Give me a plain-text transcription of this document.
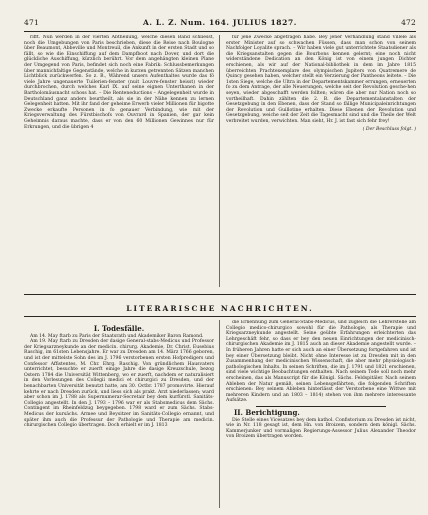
471	A. L. Z. Num. 164. JULIUS 1827.	472

rifft. Nun werden in der vierten Abtheilung, welche diesen Band schliesst, noch die Umgebungen von Paris beschrieben, diese die Reise nach Boulogne über Beaumont, Abbeville und Montreuil, die Ankunft in der ersten Stadt und so fällt, so wie die Einschiffung auf dem Dampfboot nach Dover, und dort die glückliche Auschiffung, kürzlich berührt. Vor dem angehängten kleinen Plane der Umgegend von Paris, befindet sich noch eine Fabrik: Schlussbemerkungen über mannichfaltige Gegenstände, welche in kurzen getrennten Sätzen manchen Lichtblick zurückwerfen. So z. B., Während unsers Aufenthaltes wurde das fö viele Jahre ungenauerte Tuilerien-fenster (nuit Louvre-fenster heisst) wieder durchbrochen, durch welches Karl IX. auf seine eignen Unterthanen in der Bartholomäusnacht schoss hat. – Die Renteneductions – Angelegenheit wurde in Deutschland ganz anders beurtheilt, als sie in der Nähe kennen zu lernen Gelegenheit hatten. Mit ihr fand der geheime Erwerb vieler Millionen für bigotte Zwecke erkaufte Personen in fo genauer Verbindung, wie mit der Kriegsverwaltung des Fürstbischofs von Ouvrard in Spanien, der gar kein Geheimnis daraus machte, dass er von den 60 Millionen Gewinnes nur für Erkrungen, und die übrigen 4

für jene Zwecke abgetragen habe. Bey jener Verhandlung stand Villele als erster Minister auf so schwachen Füssen, dass man schon von seinem Nachfolger Loyalite sprach. – Wir haben viele gut unterrichtete Staatsdiener als die Kriegsanstalten gegen die Bourbons kennen gelernt; eine noch nicht widerständene Dedication an den König ist von einem jungen Dichter erschienen, als wir auf der National-bibliothek in dem im Jahre 1815 überreichten Prachtexemplare des olympischen Jupiters von Quatremere de Quincy gesehen haben, welcher stellt ein Verzierung der Pantheons leitete. – Die 1sten Siege, welche die Ultra in der Departementskammer errungen, erneuerten fo zu dem Antrage, der alle Neuerungen, welche seit der Revolution gesche-hen seyen, wieder abgeschafft werden follten; wären die aber nur Nation noch so vortheilhaft. Dahin zählten die 2. B. die Departementalanstalten der Gesetzgebung in den Ebenen, dass der Stand so fällige Municipaleinrichtungen der Revolution und Guillotine erhalten. Diese Ebenen der Revolution und Gesetzgebung, weiche seit der Zeit die Tagesmacht sind und die Theile der Welt verbreitet wurden, verwichten. Man sieht, Hr. J. ist fast sich fehr frey!

( Der Beschluss folgt. )
LITERARISCHE NACHRICHTEN.
I. Todesfälle.

Am 14. May ftarb zu Paris der Staatsrath und Akademiker Baron Ramond.

Am 19. May ftarb zu Dresden der dasige General-stabs-Medicus und Professor der Kriegsarzneykunde an der medicin. chirurg. Akademie, Dr. Christ. Eusebius Raschig, im 61sten Lebensjahre. Er war zu Dresden am 14. März 1766 geboren, und ist der mittelste Sohn des im J. 1796 verstorbenen ersten Hofpredigers und Confessor Affistentes, M. Chr. Ehrg. Raschig. Von gründlichem Hausvaters unterrichtet, besuchte er zuerft einige Jahre die dasige Kreuzschule, bezog Ostern 1784 die Universität Wittenberg, wo er zuerft, nachdem er naturalisiert in den Vorlesungen des Collegii medici et chirurgici zu Dresden, und der benachbarten Universität benutzt hatte, am 30. Octbr. 1787 promovirte. Hierauf kehrte er nach Dresden zurück, und liess sich als prakt. Arzt niederlassen; ward aber schon im J. 1788 als Supernumerar-Secretair bey dem kurfürstl. Sanitäts-Collegio angestellt. In den J. 1793 – 1796 war er als Stabsmedicus dem Sächs. Contingent im Rheinfeldzug beygegeben. 1798 ward er zum Sächs. Stabs-Medicus der kursächs. Armee und Beysitzer im Sanitäts-Collegio ernannt, und später ihm auch die Professur der Pathologie und Therapie am medicin. chirurgischen Collegio übertragen. Doch erhielt er im J. 1813

die Ernennung zum General-Stabs-Medicus, und zugleich die Lehrerstelle am Collegio medico-chirurgico sowohl für die Pathologie, als Therapie und Kriegsarzneykunde angestellt. Seine geübte Erfahrungen erleichterten das Lehrgeschäft fehr, so dass er bey den neuen Einrichtungen der medicinisch-chirurgischen Akademie im J. 1815 auch an dieser Akademie angestellt wurde. – In früheren Jahren hatte er sich auch an einer Übersetzung fortgefahren und ist bey einer Übersetzung bleibt. Nicht ohne Interesse ist zu Dresden mit in den Zusammenhang der medicinischen Wissenschaft, die aber mehr physiologisch-pathologischen Inhalts. In seinen Schriften, die im J. 1791 und 1821 erschienen, sind viele wichtige Beobachtungen enthalten. Nach seinem Tode soll noch mehr erscheinen, das als Manuscript für die Königl. Sächs. Feldspitäler. Nach seinem Ableben der Natur gemäß, seinen Lebensgefährten, die folgenden Schriften erschienen: Bey seinem Ableben hinterlässt der Verstorbene eine Wittwe mit mehreren Kindern und an 1803 – 1814) stehen von ihm mehrere interessante Aufsätze.

II. Berichtigung.

Die Stelle eines Vicesatzes bey dem kathol. Confistorium zu Dresden ist nicht, wie in Nr. 118 gesagt ist, dem Hn. von Broizem, sondern dem königl. Sächs. Kammerjunker und vormaligen Regierungs-Assessor Julius Alexander Theodor von Broizem übertragen worden.
